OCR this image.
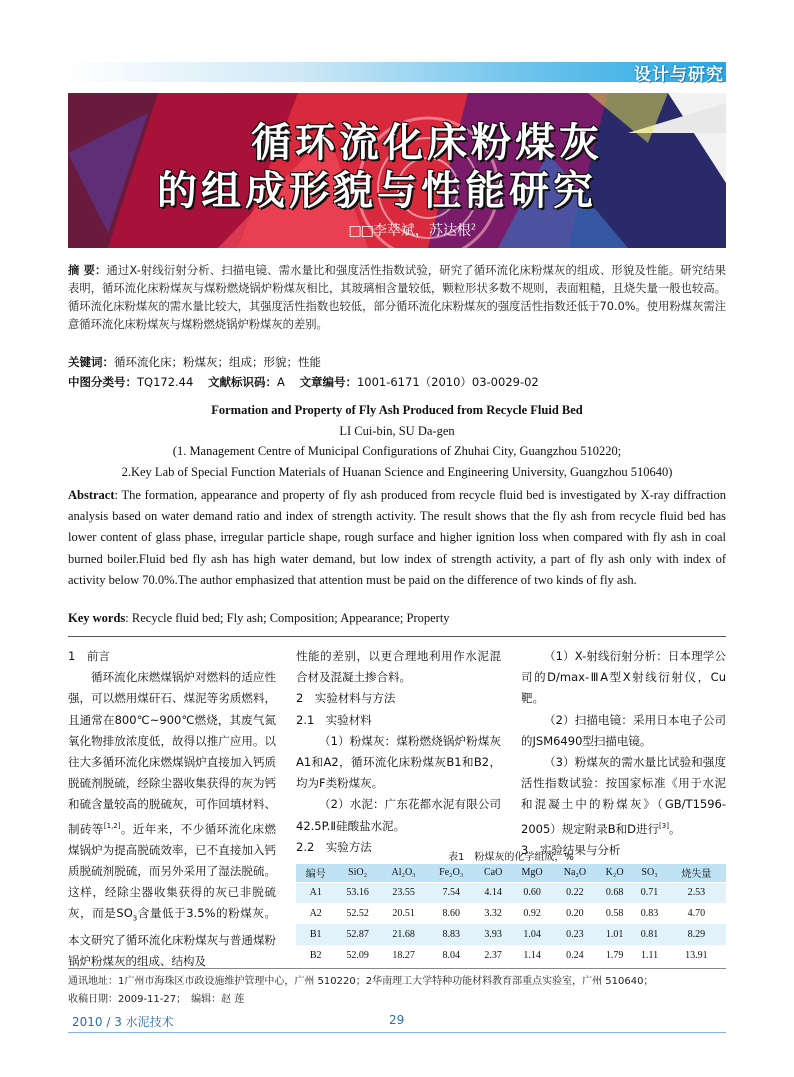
设计与研究
循环流化床粉煤灰
的组成形貌与性能研究
□□李萃斌，苏达根$^2$
摘 要：通过X-射线衍射分析、扫描电镜、需水量比和强度活性指数试验，研究了循环流化床粉煤灰的组成、形貌及性能。研究结果表明，循环流化床粉煤灰与煤粉燃烧锅炉粉煤灰相比，其玻璃相含量较低，颗粒形状多数不规则，表面粗糙，且烧失量一般也较高。循环流化床粉煤灰的需水量比较大，其强度活性指数也较低，部分循环流化床粉煤灰的强度活性指数还低于70.0%。使用粉煤灰需注意循环流化床粉煤灰与煤粉燃烧锅炉粉煤灰的差别。
关键词：循环流化床；粉煤灰；组成；形貌；性能
中图分类号：TQ172.44 文献标识码：A 文章编号：1001-6171（2010）03-0029-02
Formation and Property of Fly Ash Produced from Recycle Fluid Bed
LI Cui-bin, SU Da-gen
(1. Management Centre of Municipal Configurations of Zhuhai City, Guangzhou 510220;
2.Key Lab of Special Function Materials of Huanan Science and Engineering University, Guangzhou 510640)
Abstract: The formation, appearance and property of fly ash produced from recycle fluid bed is investigated by X-ray diffraction analysis based on water demand ratio and index of strength activity. The result shows that the fly ash from recycle fluid bed has lower content of glass phase, irregular particle shape, rough surface and higher ignition loss when compared with fly ash in coal burned boiler.Fluid bed fly ash has high water demand, but low index of strength activity, a part of fly ash only with index of activity below 70.0%.The author emphasized that attention must be paid on the difference of two kinds of fly ash.
Key words: Recycle fluid bed; Fly ash; Composition; Appearance; Property
1　前言

循环流化床燃煤锅炉对燃料的适应性强，可以燃用煤矸石、煤泥等劣质燃料，且通常在800℃~900℃燃烧，其废气氮氧化物排放浓度低，故得以推广应用。以往大多循环流化床燃煤锅炉直接加入钙质脱硫剂脱硫，经除尘器收集获得的灰为钙和硫含量较高的脱硫灰，可作回填材料、制砖等[1,2]。近年来，不少循环流化床燃煤锅炉为提高脱硫效率，已不直接加入钙质脱硫剂脱硫，而另外采用了湿法脱硫。这样，经除尘器收集获得的灰已非脱硫灰，而是$SO_3$含量低于3.5%的粉煤灰。本文研究了循环流化床粉煤灰与普通煤粉锅炉粉煤灰的组成、结构及

性能的差别，以更合理地利用作水泥混合材及混凝土掺合料。
2　实验材料与方法
2.1　实验材料

（1）粉煤灰：煤粉燃烧锅炉粉煤灰A1和A2，循环流化床粉煤灰B1和B2，均为F类粉煤灰。

（2）水泥：广东花都水泥有限公司42.5P.Ⅱ硅酸盐水泥。

2.2　实验方法

（1）X-射线衍射分析：日本理学公司的D/max-ⅢA型X射线衍射仪，Cu靶。

（2）扫描电镜：采用日本电子公司的JSM6490型扫描电镜。

（3）粉煤灰的需水量比试验和强度活性指数试验：按国家标准《用于水泥和混凝土中的粉煤灰》（GB/T1596-2005）规定附录B和D进行[3]。

3　实验结果与分析
表1　粉煤灰的化学组成，%
编号	SiO₂	Al₂O₃	Fe₂O₃	CaO	MgO	Na₂O	K₂O	SO₃	烧失量
A1	53.16	23.55	7.54	4.14	0.60	0.22	0.68	0.71	2.53
A2	52.52	20.51	8.60	3.32	0.92	0.20	0.58	0.83	4.70
B1	52.87	21.68	8.83	3.93	1.04	0.23	1.01	0.81	8.29
B2	52.09	18.27	8.04	2.37	1.14	0.24	1.79	1.11	13.91
通讯地址：1广州市海珠区市政设施维护管理中心，广州 510220；2华南理工大学特种功能材料教育部重点实验室，广州 510640；
收稿日期：2009-11-27；　编辑：赵 莲
2010 / 3 水泥技术	29
